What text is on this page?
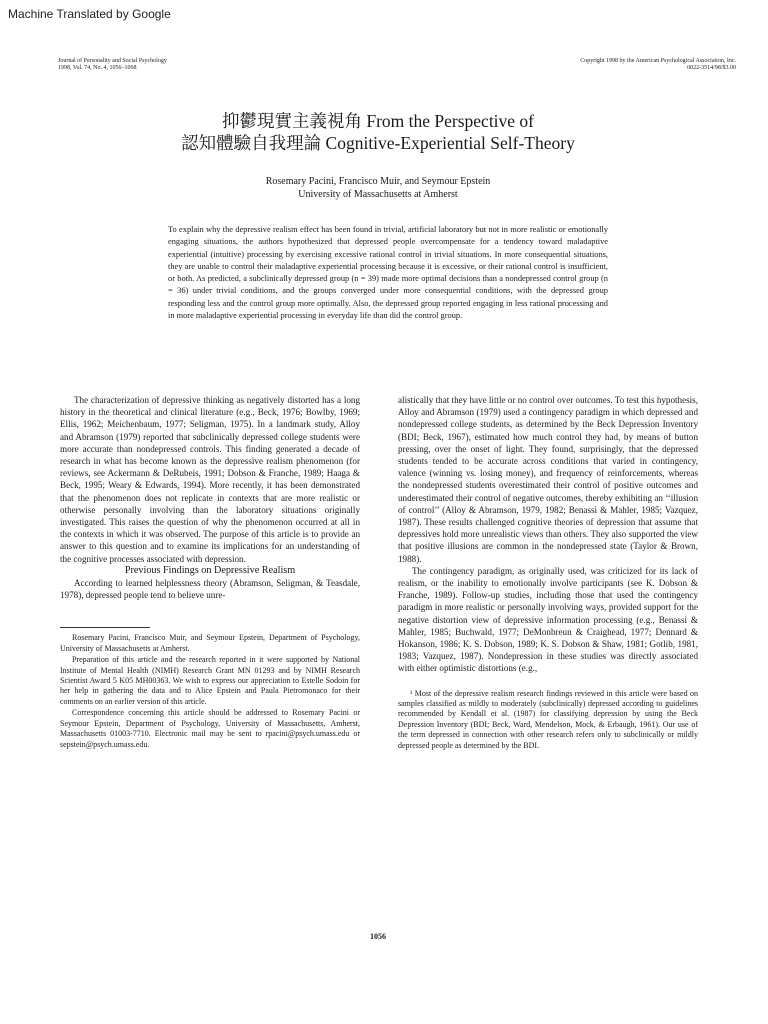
Machine Translated by Google
Journal of Personality and Social Psychology
1998, Vol. 74, No. 4, 1056–1068
Copyright 1998 by the American Psychological Association, Inc.
0022-3514/98/$3.00
抑鬱現實主義視角 From the Perspective of
認知體驗自我理論 Cognitive-Experiential Self-Theory
Rosemary Pacini, Francisco Muir, and Seymour Epstein
University of Massachusetts at Amherst
To explain why the depressive realism effect has been found in trivial, artificial laboratory but not in more realistic or emotionally engaging situations, the authors hypothesized that depressed people overcompensate for a tendency toward maladaptive experiential (intuitive) processing by exercising excessive rational control in trivial situations. In more consequential situations, they are unable to control their maladaptive experiential processing because it is excessive, or their rational control is insufficient, or both. As predicted, a subclinically depressed group (n = 39) made more optimal decisions than a nondepressed control group (n = 36) under trivial conditions, and the groups converged under more consequential conditions, with the depressed group responding less and the control group more optimally. Also, the depressed group reported engaging in less rational processing and in more maladaptive experiential processing in everyday life than did the control group.

The characterization of depressive thinking as negatively distorted has a long history in the theoretical and clinical literature (e.g., Beck, 1976; Bowlby, 1969; Ellis, 1962; Meichenbaum, 1977; Seligman, 1975). In a landmark study, Alloy and Abramson (1979) reported that subclinically depressed college students were more accurate than nondepressed controls. This finding generated a decade of research in what has become known as the depressive realism phenomenon (for reviews, see Ackermann & DeRubeis, 1991; Dobson & Franche, 1989; Haaga & Beck, 1995; Weary & Edwards, 1994). More recently, it has been demonstrated that the phenomenon does not replicate in contexts that are more realistic or otherwise personally involving than the laboratory situations originally investigated. This raises the question of why the phenomenon occurred at all in the contexts in which it was observed. The purpose of this article is to provide an answer to this question and to examine its implications for an understanding of the cognitive processes associated with depression.

Previous Findings on Depressive Realism

According to learned helplessness theory (Abramson, Seligman, & Teasdale, 1978), depressed people tend to believe unre-

Rosemary Pacini, Francisco Muir, and Seymour Epstein, Department of Psychology, University of Massachusetts at Amherst.

Preparation of this article and the research reported in it were supported by National Institute of Mental Health (NIMH) Research Grant MN 01293 and by NIMH Research Scientist Award 5 K05 MH00363. We wish to express our appreciation to Estelle Sodoin for her help in gathering the data and to Alice Epstein and Paula Pietromonaco for their comments on an earlier version of this article.

Correspondence concerning this article should be addressed to Rosemary Pacini or Seymour Epstein, Department of Psychology, University of Massachusetts, Amherst, Massachusetts 01003-7710. Electronic mail may be sent to rpacini@psych.umass.edu or sepstein@psych.umass.edu.

alistically that they have little or no control over outcomes. To test this hypothesis, Alloy and Abramson (1979) used a contingency paradigm in which depressed and nondepressed college students, as determined by the Beck Depression Inventory (BDI; Beck, 1967), estimated how much control they had, by means of button pressing, over the onset of light. They found, surprisingly, that the depressed students tended to be accurate across conditions that varied in contingency, valence (winning vs. losing money), and frequency of reinforcements, whereas the nondepressed students overestimated their control of positive outcomes and underestimated their control of negative outcomes, thereby exhibiting an ‘‘illusion of control’’ (Alloy & Abramson, 1979, 1982; Benassi & Mahler, 1985; Vazquez, 1987). These results challenged cognitive theories of depression that assume that depressives hold more unrealistic views than others. They also supported the view that positive illusions are common in the nondepressed state (Taylor & Brown, 1988).

The contingency paradigm, as originally used, was criticized for its lack of realism, or the inability to emotionally involve participants (see K. Dobson & Franche, 1989). Follow-up studies, including those that used the contingency paradigm in more realistic or personally involving ways, provided support for the negative distortion view of depressive information processing (e.g., Benassi & Mahler, 1985; Buchwald, 1977; DeMonbreun & Craighead, 1977; Dennard & Hokanson, 1986; K. S. Dobson, 1989; K. S. Dobson & Shaw, 1981; Gotlib, 1981, 1983; Vazquez, 1987). Nondepression in these studies was directly associated with either optimistic distortions (e.g.,

¹ Most of the depressive realism research findings reviewed in this article were based on samples classified as mildly to moderately (subclinically) depressed according to guidelines recommended by Kendall et al. (1987) for classifying depression by using the Beck Depression Inventory (BDI; Beck, Ward, Mendelson, Mock, & Erbaugh, 1961). Our use of the term depressed in connection with other research refers only to subclinically or mildly depressed people as determined by the BDI.

1056
